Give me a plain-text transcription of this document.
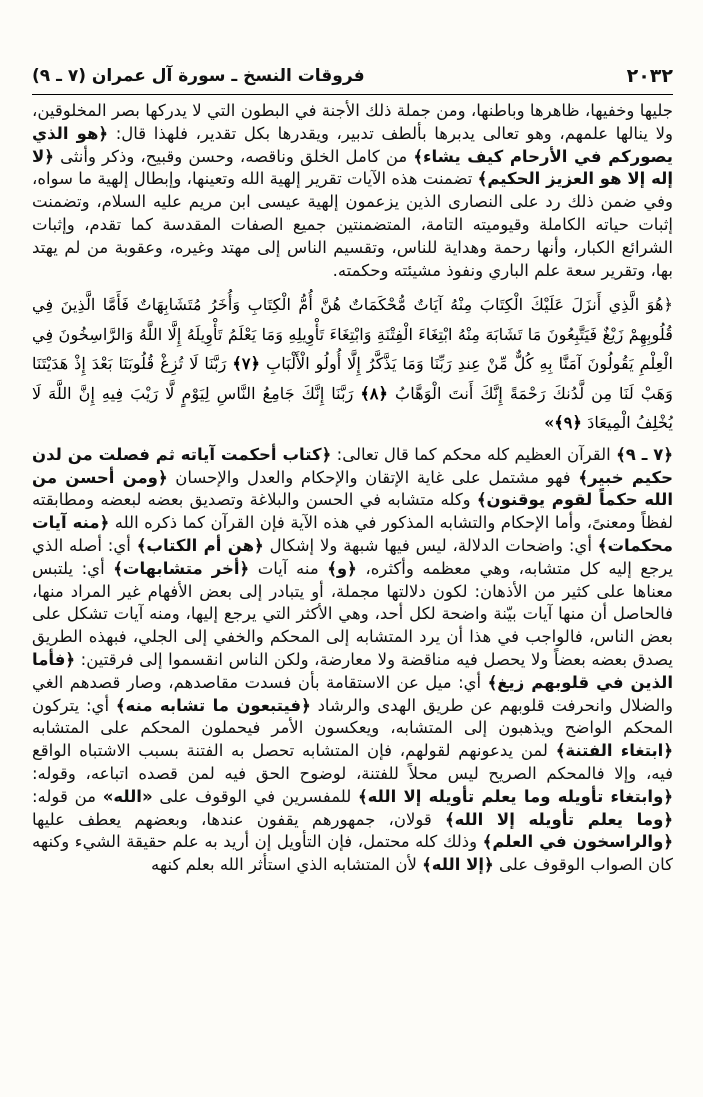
٢٠٣٢
فروقات النسخ ـ سورة آل عمران (٧ ـ ٩)

جليها وخفيها، ظاهرها وباطنها، ومن جملة ذلك الأجنة في البطون التي لا يدركها بصر المخلوقين، ولا ينالها علمهم، وهو تعالى يدبرها بألطف تدبير، ويقدرها بكل تقدير، فلهذا قال: ﴿هو الذي يصوركم في الأرحام كيف يشاء﴾ من كامل الخلق وناقصه، وحسن وقبيح، وذكر وأنثى ﴿لا إله إلا هو العزيز الحكيم﴾ تضمنت هذه الآيات تقرير إلهية الله وتعينها، وإبطال إلهية ما سواه، وفي ضمن ذلك رد على النصارى الذين يزعمون إلهية عيسى ابن مريم عليه السلام، وتضمنت إثبات حياته الكاملة وقيوميته التامة، المتضمنتين جميع الصفات المقدسة كما تقدم، وإثبات الشرائع الكبار، وأنها رحمة وهداية للناس، وتقسيم الناس إلى مهتد وغيره، وعقوبة من لم يهتد بها، وتقرير سعة علم الباري ونفوذ مشيئته وحكمته.

﴿هُوَ الَّذِي أَنزَلَ عَلَيْكَ الْكِتَابَ مِنْهُ آيَاتٌ مُّحْكَمَاتٌ هُنَّ أُمُّ الْكِتَابِ وَأُخَرُ مُتَشَابِهَاتٌ فَأَمَّا الَّذِينَ فِي قُلُوبِهِمْ زَيْغٌ فَيَتَّبِعُونَ مَا تَشَابَهَ مِنْهُ ابْتِغَاءَ الْفِتْنَةِ وَابْتِغَاءَ تَأْوِيلِهِ وَمَا يَعْلَمُ تَأْوِيلَهُ إِلَّا اللَّهُ وَالرَّاسِخُونَ فِي الْعِلْمِ يَقُولُونَ آمَنَّا بِهِ كُلٌّ مِّنْ عِندِ رَبِّنَا وَمَا يَذَّكَّرُ إِلَّا أُولُو الْأَلْبَابِ ﴿٧﴾ رَبَّنَا لَا تُزِغْ قُلُوبَنَا بَعْدَ إِذْ هَدَيْتَنَا وَهَبْ لَنَا مِن لَّدُنكَ رَحْمَةً إِنَّكَ أَنتَ الْوَهَّابُ ﴿٨﴾ رَبَّنَا إِنَّكَ جَامِعُ النَّاسِ لِيَوْمٍ لَّا رَيْبَ فِيهِ إِنَّ اللَّهَ لَا يُخْلِفُ الْمِيعَادَ ﴿٩﴾»

﴿٧ ـ ٩﴾ القرآن العظيم كله محكم كما قال تعالى: ﴿كتاب أحكمت آياته ثم فصلت من لدن حكيم خبير﴾ فهو مشتمل على غاية الإتقان والإحكام والعدل والإحسان ﴿ومن أحسن من الله حكماً لقوم يوقنون﴾ وكله متشابه في الحسن والبلاغة وتصديق بعضه لبعضه ومطابقته لفظاً ومعنىً، وأما الإحكام والتشابه المذكور في هذه الآية فإن القرآن كما ذكره الله ﴿منه آيات محكمات﴾ أي: واضحات الدلالة، ليس فيها شبهة ولا إشكال ﴿هن أم الكتاب﴾ أي: أصله الذي يرجع إليه كل متشابه، وهي معظمه وأكثره، ﴿و﴾ منه آيات ﴿أخر متشابهات﴾ أي: يلتبس معناها على كثير من الأذهان: لكون دلالتها مجملة، أو يتبادر إلى بعض الأفهام غير المراد منها، فالحاصل أن منها آيات بيّنة واضحة لكل أحد، وهي الأكثر التي يرجع إليها، ومنه آيات تشكل على بعض الناس، فالواجب في هذا أن يرد المتشابه إلى المحكم والخفي إلى الجلي، فبهذه الطريق يصدق بعضه بعضاً ولا يحصل فيه مناقضة ولا معارضة، ولكن الناس انقسموا إلى فرقتين: ﴿فأما الذين في قلوبهم زيغ﴾ أي: ميل عن الاستقامة بأن فسدت مقاصدهم، وصار قصدهم الغي والضلال وانحرفت قلوبهم عن طريق الهدى والرشاد ﴿فيتبعون ما تشابه منه﴾ أي: يتركون المحكم الواضح ويذهبون إلى المتشابه، ويعكسون الأمر فيحملون المحكم على المتشابه ﴿ابتغاء الفتنة﴾ لمن يدعونهم لقولهم، فإن المتشابه تحصل به الفتنة بسبب الاشتباه الواقع فيه، وإلا فالمحكم الصريح ليس محلاً للفتنة، لوضوح الحق فيه لمن قصده اتباعه، وقوله: ﴿وابتغاء تأويله وما يعلم تأويله إلا الله﴾ للمفسرين في الوقوف على «الله» من قوله: ﴿وما يعلم تأويله إلا الله﴾ قولان، جمهورهم يقفون عندها، وبعضهم يعطف عليها ﴿والراسخون في العلم﴾ وذلك كله محتمل، فإن التأويل إن أريد به علم حقيقة الشيء وكنهه كان الصواب الوقوف على ﴿إلا الله﴾ لأن المتشابه الذي استأثر الله بعلم كنهه
